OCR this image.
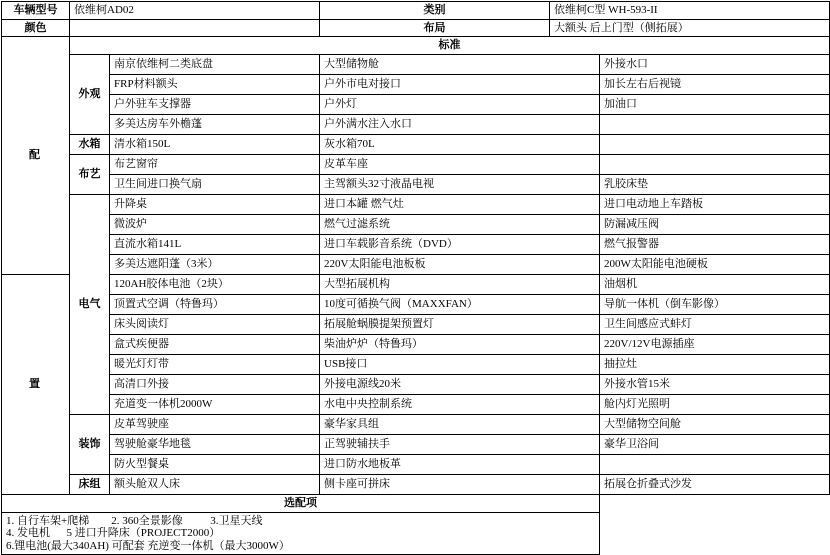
车辆型号	依维柯AD02		类别	依维柯C型 WH-593-II	
颜色			布局	大额头 后上门型（侧拓展）	
配	标准				
	外观	南京依维柯二类底盘	大型储物舱		外接水口
		FRP材料额头	户外市电对接口		加长左右后视镜
		户外驻车支撑器	户外灯		加油口
		多美达房车外檐蓬	户外满水注入水口		
	水箱	清水箱150L	灰水箱70L		
	布艺	布艺窗帘	皮革车座		
		卫生间进口换气扇	主驾额头32寸液晶电视		乳胶床垫
	电气	升降桌	进口本罐 燃气灶		进口电动地上车踏板
		微波炉	燃气过滤系统		防漏减压阀
		直流水箱141L	进口车载影音系统（DVD）		燃气报警器
		多美达遮阳蓬（3米）	220V太阳能电池板板		200W太阳能电池硬板
置		120AH胶体电池（2块）	大型拓展机构		油烟机
		顶置式空调（特鲁玛）	10度可循换气阀（MAXXFAN）		导航一体机（倒车影像）
		床头阅读灯	拓展舱蜗膜提架预置灯		卫生间感应式蚌灯
		盒式疾便器	柴油炉炉（特鲁玛）		220V/12V电源插座
		暖光灯灯带	USB接口		抽拉灶
		高清口外接	外接电源线20米		外接水管15米
		充道变一体机2000W	水电中央控制系统		舱内灯光照明
	装饰	皮革驾驶座	豪华家具组		大型储物空间舱
		驾驶舱豪华地毯	正驾驶辅扶手		豪华卫浴间
		防火型餐桌	进口防水地板革		
	床组	额头舱双人床	侧卡座可拼床		拓展仓折叠式沙发
选配项					

1. 自行车架+爬梯        2. 360全景影像          3.卫星天线
4. 发电机      5 进口升降床（PROJECT2000）
6.锂电池(最大340AH) 可配套 充逆变一体机（最大3000W）					
